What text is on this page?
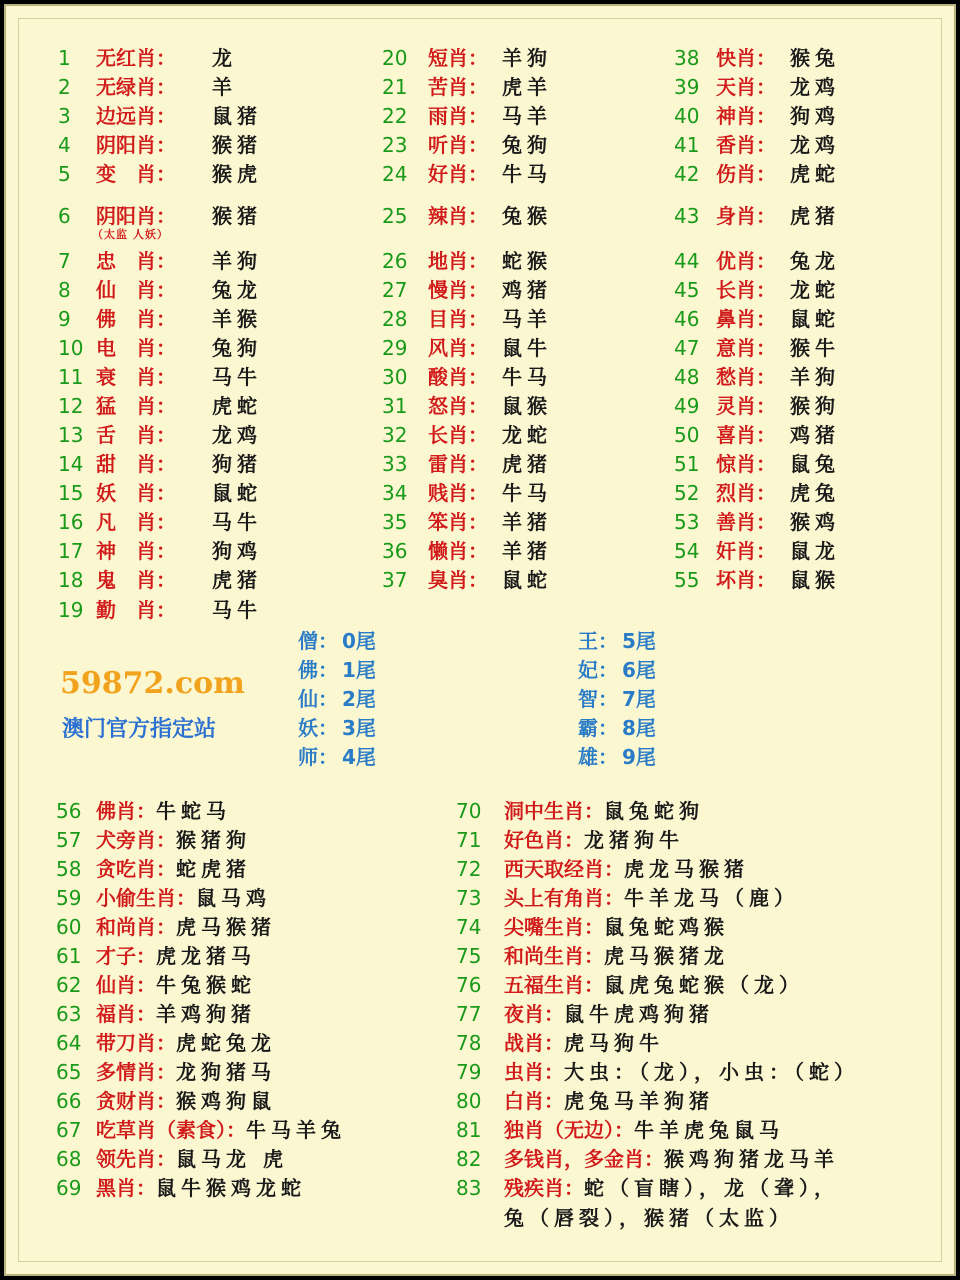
1 无红肖： 龙
2 无绿肖： 羊
3 边远肖： 鼠猪
4 阴阳肖： 猴猪
5 变　肖： 猴虎
6 阴阳肖： 猴猪
（太监 人妖）
7 忠　肖： 羊狗
8 仙　肖： 兔龙
9 佛　肖： 羊猴
10 电　肖： 兔狗
11 衰　肖： 马牛
12 猛　肖： 虎蛇
13 舌　肖： 龙鸡
14 甜　肖： 狗猪
15 妖　肖： 鼠蛇
16 凡　肖： 马牛
17 神　肖： 狗鸡
18 鬼　肖： 虎猪
19 勤　肖： 马牛
20 短肖： 羊狗
21 苦肖： 虎羊
22 雨肖： 马羊
23 听肖： 兔狗
24 好肖： 牛马
25 辣肖： 兔猴
26 地肖： 蛇猴
27 慢肖： 鸡猪
28 目肖： 马羊
29 风肖： 鼠牛
30 酸肖： 牛马
31 怒肖： 鼠猴
32 长肖： 龙蛇
33 雷肖： 虎猪
34 贱肖： 牛马
35 笨肖： 羊猪
36 懒肖： 羊猪
37 臭肖： 鼠蛇
38 快肖： 猴兔
39 天肖： 龙鸡
40 神肖： 狗鸡
41 香肖： 龙鸡
42 伤肖： 虎蛇
43 身肖： 虎猪
44 优肖： 兔龙
45 长肖： 龙蛇
46 鼻肖： 鼠蛇
47 意肖： 猴牛
48 愁肖： 羊狗
49 灵肖： 猴狗
50 喜肖： 鸡猪
51 惊肖： 鼠兔
52 烈肖： 虎兔
53 善肖： 猴鸡
54 奸肖： 鼠龙
55 坏肖： 鼠猴
僧： 0尾
佛： 1尾
仙： 2尾
妖： 3尾
师： 4尾
王： 5尾
妃： 6尾
智： 7尾
霸： 8尾
雄： 9尾
56 佛肖：牛蛇马
57 犬旁肖：猴猪狗
58 贪吃肖：蛇虎猪
59 小偷生肖：鼠马鸡
60 和尚肖：虎马猴猪
61 才子：虎龙猪马
62 仙肖：牛兔猴蛇
63 福肖：羊鸡狗猪
64 带刀肖：虎蛇兔龙
65 多情肖：龙狗猪马
66 贪财肖：猴鸡狗鼠
67 吃草肖（素食）：牛马羊兔
68 领先肖：鼠马龙 虎
69 黑肖：鼠牛猴鸡龙蛇
70 洞中生肖：鼠兔蛇狗
71 好色肖：龙猪狗牛
72 西天取经肖：虎龙马猴猪
73 头上有角肖：牛羊龙马（鹿）
74 尖嘴生肖：鼠兔蛇鸡猴
75 和尚生肖：虎马猴猪龙
76 五福生肖：鼠虎兔蛇猴（龙）
77 夜肖：鼠牛虎鸡狗猪
78 战肖：虎马狗牛
79 虫肖：大虫：（龙），小虫：（蛇）
80 白肖：虎兔马羊狗猪
81 独肖（无边）：牛羊虎兔鼠马
82 多钱肖，多金肖：猴鸡狗猪龙马羊
83 残疾肖：蛇（盲瞎），龙（聋），
兔（唇裂），猴猪（太监）
59872.com
澳门官方指定站
